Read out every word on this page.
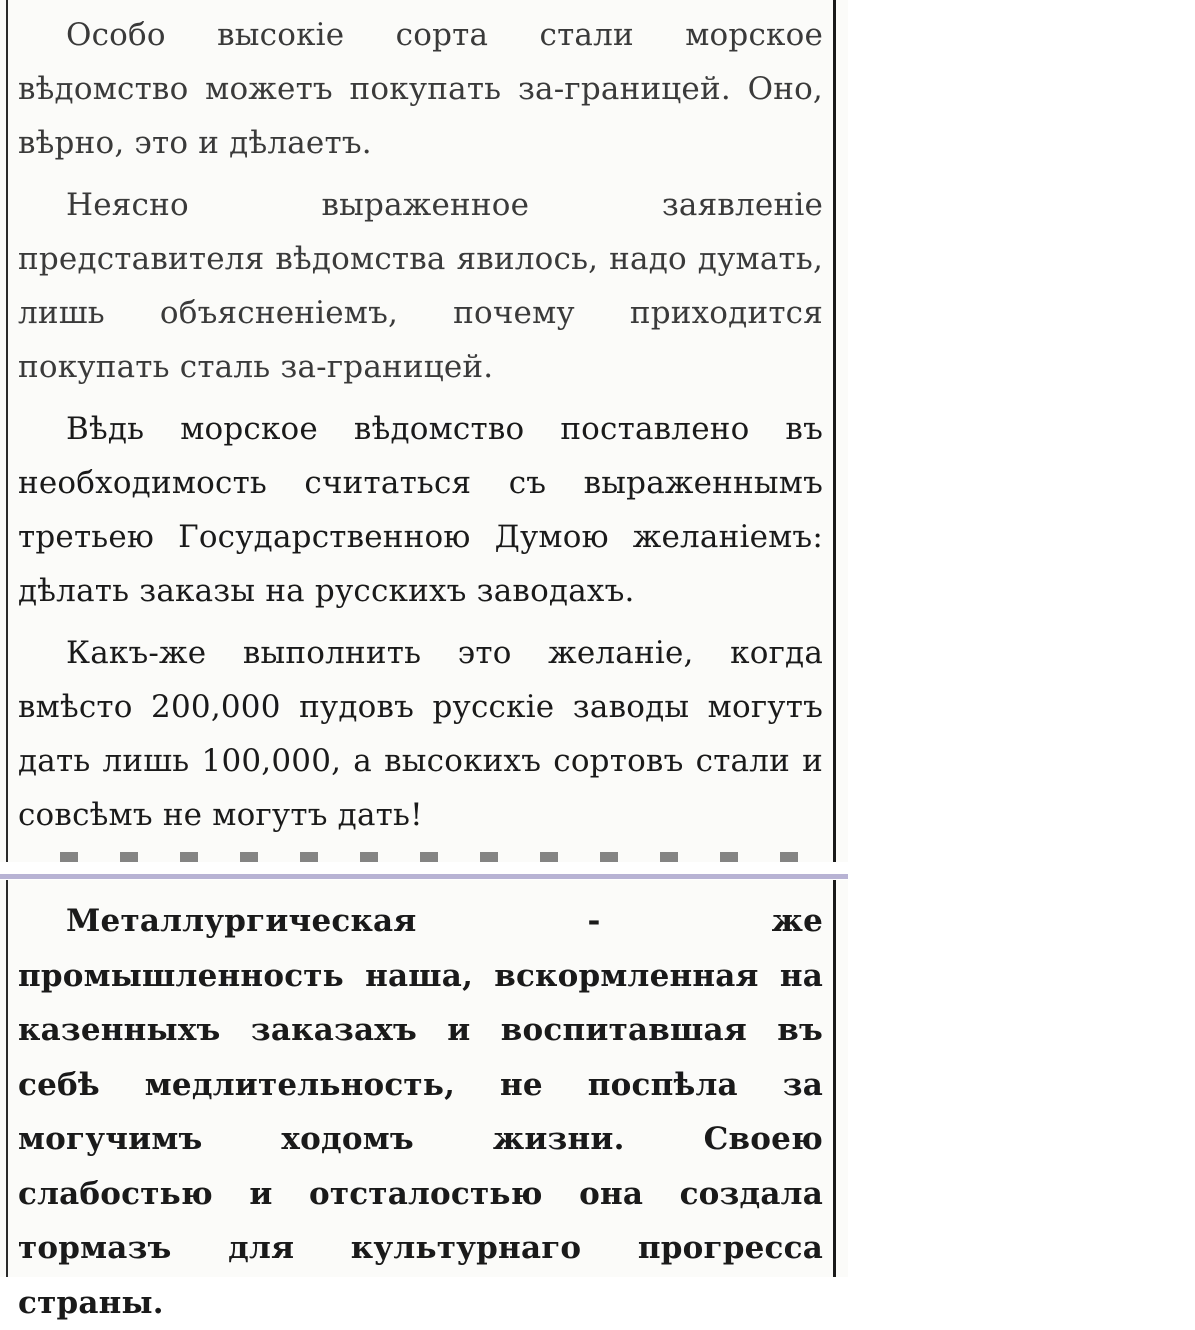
Особо высокіе сорта стали морское вѣдомство можетъ покупать за-границей. Оно, вѣрно, это и дѣлаетъ.

Неясно выраженное заявленіе представителя вѣдомства явилось, надо думать, лишь объясненіемъ, почему приходится покупать сталь за-границей.

Вѣдь морское вѣдомство поставлено въ необходимость считаться съ выраженнымъ третьею Государственною Думою желаніемъ: дѣлать заказы на русскихъ заводахъ.

Какъ-же выполнить это желаніе, когда вмѣсто 200,000 пудовъ русскіе заводы могутъ дать лишь 100,000, а высокихъ сортовъ стали и совсѣмъ не могутъ дать!

Металлургическая - же промышленность наша, вскормленная на казенныхъ заказахъ и воспитавшая въ себѣ медлительность, не поспѣла за могучимъ ходомъ жизни. Своею слабостью и отсталостью она создала тормазъ для культурнаго прогресса страны.
